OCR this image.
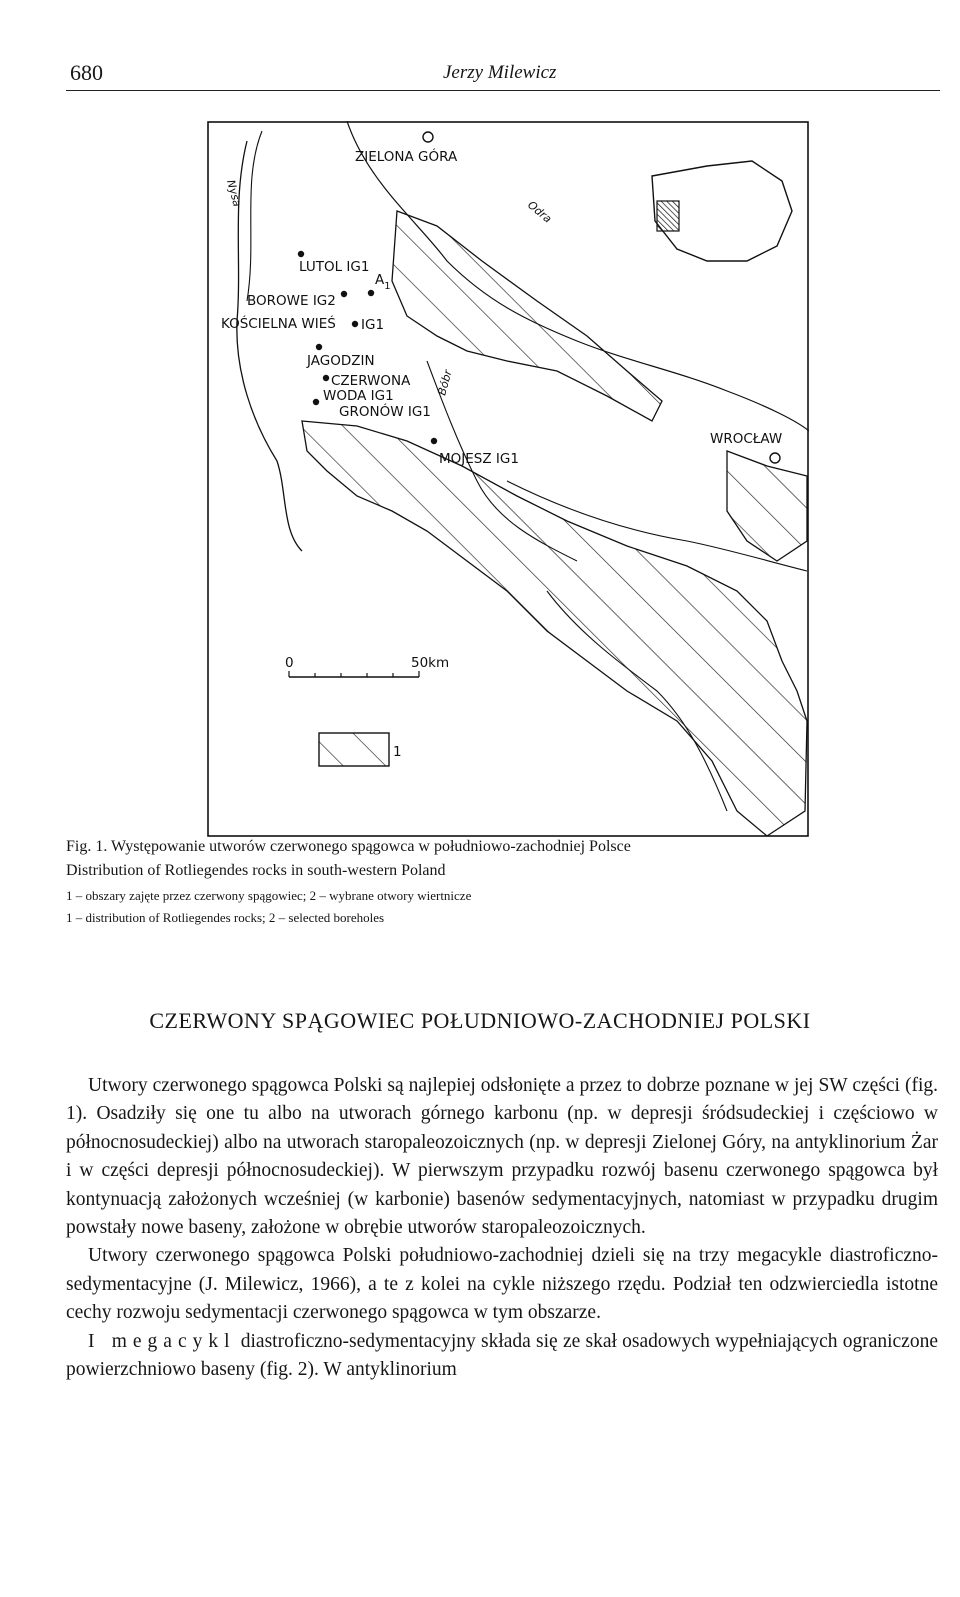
680	Jerzy Milewicz
ZIELONA GÓRA
WROCŁAW
LUTOL IG1
$A_1$
BOROWE IG2
KOŚCIELNA WIEŚ IG1
JAGODZIN
CZERWONA
WODA IG1
GRONÓW IG1
MOJESZ IG1
Nysa
Odra
Bóbr
0	50km
1
Fig. 1. Występowanie utworów czerwonego spągowca w południowo-zachodniej Polsce
Distribution of Rotliegendes rocks in south-western Poland
1 – obszary zajęte przez czerwony spągowiec; 2 – wybrane otwory wiertnicze
1 – distribution of Rotliegendes rocks; 2 – selected boreholes
CZERWONY SPĄGOWIEC POŁUDNIOWO-ZACHODNIEJ POLSKI

Utwory czerwonego spągowca Polski są najlepiej odsłonięte a przez to dobrze poznane w jej SW części (fig. 1). Osadziły się one tu albo na utworach górnego karbonu (np. w depresji śródsudeckiej i częściowo w północnosudeckiej) albo na utworach staropaleozoicznych (np. w depresji Zielonej Góry, na antyklinorium Żar i w części depresji północnosudeckiej). W pierwszym przypadku rozwój basenu czerwonego spągowca był kontynuacją założonych wcześniej (w karbonie) basenów sedymentacyjnych, natomiast w przypadku drugim powstały nowe baseny, założone w obrębie utworów staropaleozoicznych.

Utwory czerwonego spągowca Polski południowo-zachodniej dzieli się na trzy megacykle diastroficzno-sedymentacyjne (J. Milewicz, 1966), a te z kolei na cykle niższego rzędu. Podział ten odzwierciedla istotne cechy rozwoju sedymentacji czerwonego spągowca w tym obszarze.

I megacykl diastroficzno-sedymentacyjny składa się ze skał osadowych wypełniających ograniczone powierzchniowo baseny (fig. 2). W antyklinorium
